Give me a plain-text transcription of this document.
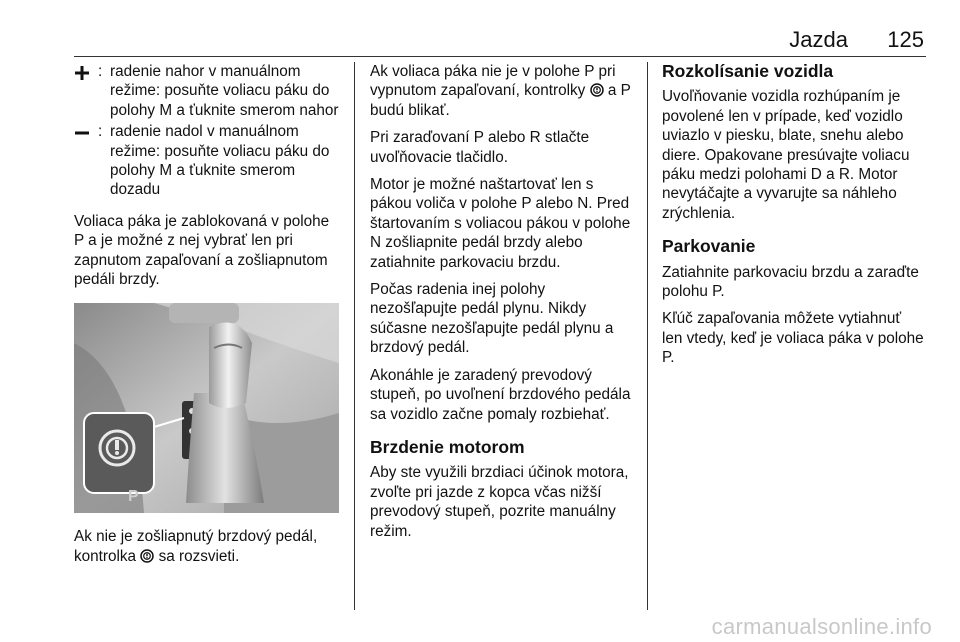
Jazda 125
: radenie nahor v manuálnom režime: posuňte voliacu páku do polohy M a ťuknite smerom nahor
: radenie nadol v manuálnom režime: posuňte voliacu páku do polohy M a ťuknite smerom dozadu

Voliaca páka je zablokovaná v polohe P a je možné z nej vybrať len pri zapnutom zapaľovaní a zošliapnutom pedáli brzdy.

P

Ak nie je zošliapnutý brzdový pedál, kontrolka sa rozsvieti.

Ak voliaca páka nie je v polohe P pri vypnutom zapaľovaní, kontrolky a P budú blikať.

Pri zaraďovaní P alebo R stlačte uvoľňovacie tlačidlo.

Motor je možné naštartovať len s pákou voliča v polohe P alebo N. Pred štartovaním s voliacou pákou v polohe N zošliapnite pedál brzdy alebo zatiahnite parkovaciu brzdu.

Počas radenia inej polohy nezošľapujte pedál plynu. Nikdy súčasne nezošľapujte pedál plynu a brzdový pedál.

Akonáhle je zaradený prevodový stupeň, po uvoľnení brzdového pedála sa vozidlo začne pomaly rozbiehať.

Brzdenie motorom

Aby ste využili brzdiaci účinok motora, zvoľte pri jazde z kopca včas nižší prevodový stupeň, pozrite manuálny režim.

Rozkolísanie vozidla

Uvoľňovanie vozidla rozhúpaním je povolené len v prípade, keď vozidlo uviazlo v piesku, blate, snehu alebo diere. Opakovane presúvajte voliacu páku medzi polohami D a R. Motor nevytáčajte a vyvarujte sa náhleho zrýchlenia.

Parkovanie

Zatiahnite parkovaciu brzdu a zaraďte polohu P.

Kľúč zapaľovania môžete vytiahnuť len vtedy, keď je voliaca páka v polohe P.

carmanualsonline.info
